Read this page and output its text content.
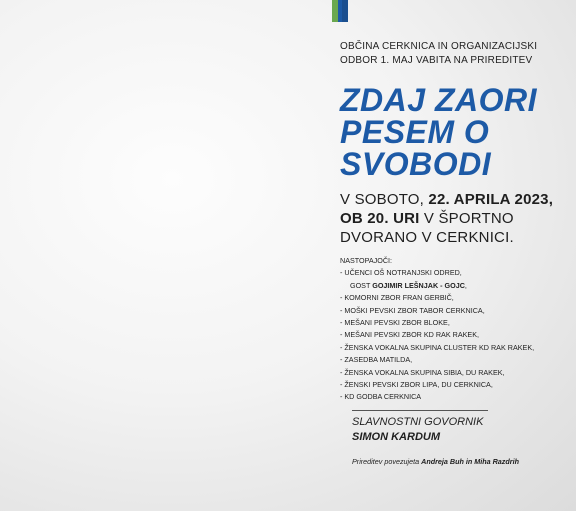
OBČINA CERKNICA IN ORGANIZACIJSKI
ODBOR 1. MAJ VABITA NA PRIREDITEV

ZDAJ ZAORI
PESEM O
SVOBODI

V SOBOTO, 22. APRILA 2023,
OB 20. URI V ŠPORTNO
DVORANO V CERKNICI.

NASTOPAJOČI:
- UČENCI OŠ NOTRANJSKI ODRED,
GOST GOJIMIR LEŠNJAK - GOJC,
- KOMORNI ZBOR FRAN GERBIČ,
- MOŠKI PEVSKI ZBOR TABOR CERKNICA,
- MEŠANI PEVSKI ZBOR BLOKE,
- MEŠANI PEVSKI ZBOR KD RAK RAKEK,
- ŽENSKA VOKALNA SKUPINA CLUSTER KD RAK RAKEK,
- ZASEDBA MATILDA,
- ŽENSKA VOKALNA SKUPINA SIBIA, DU RAKEK,
- ŽENSKI PEVSKI ZBOR LIPA, DU CERKNICA,
- KD GODBA CERKNICA

SLAVNOSTNI GOVORNIK
SIMON KARDUM

Prireditev povezujeta Andreja Buh in Miha Razdrih
